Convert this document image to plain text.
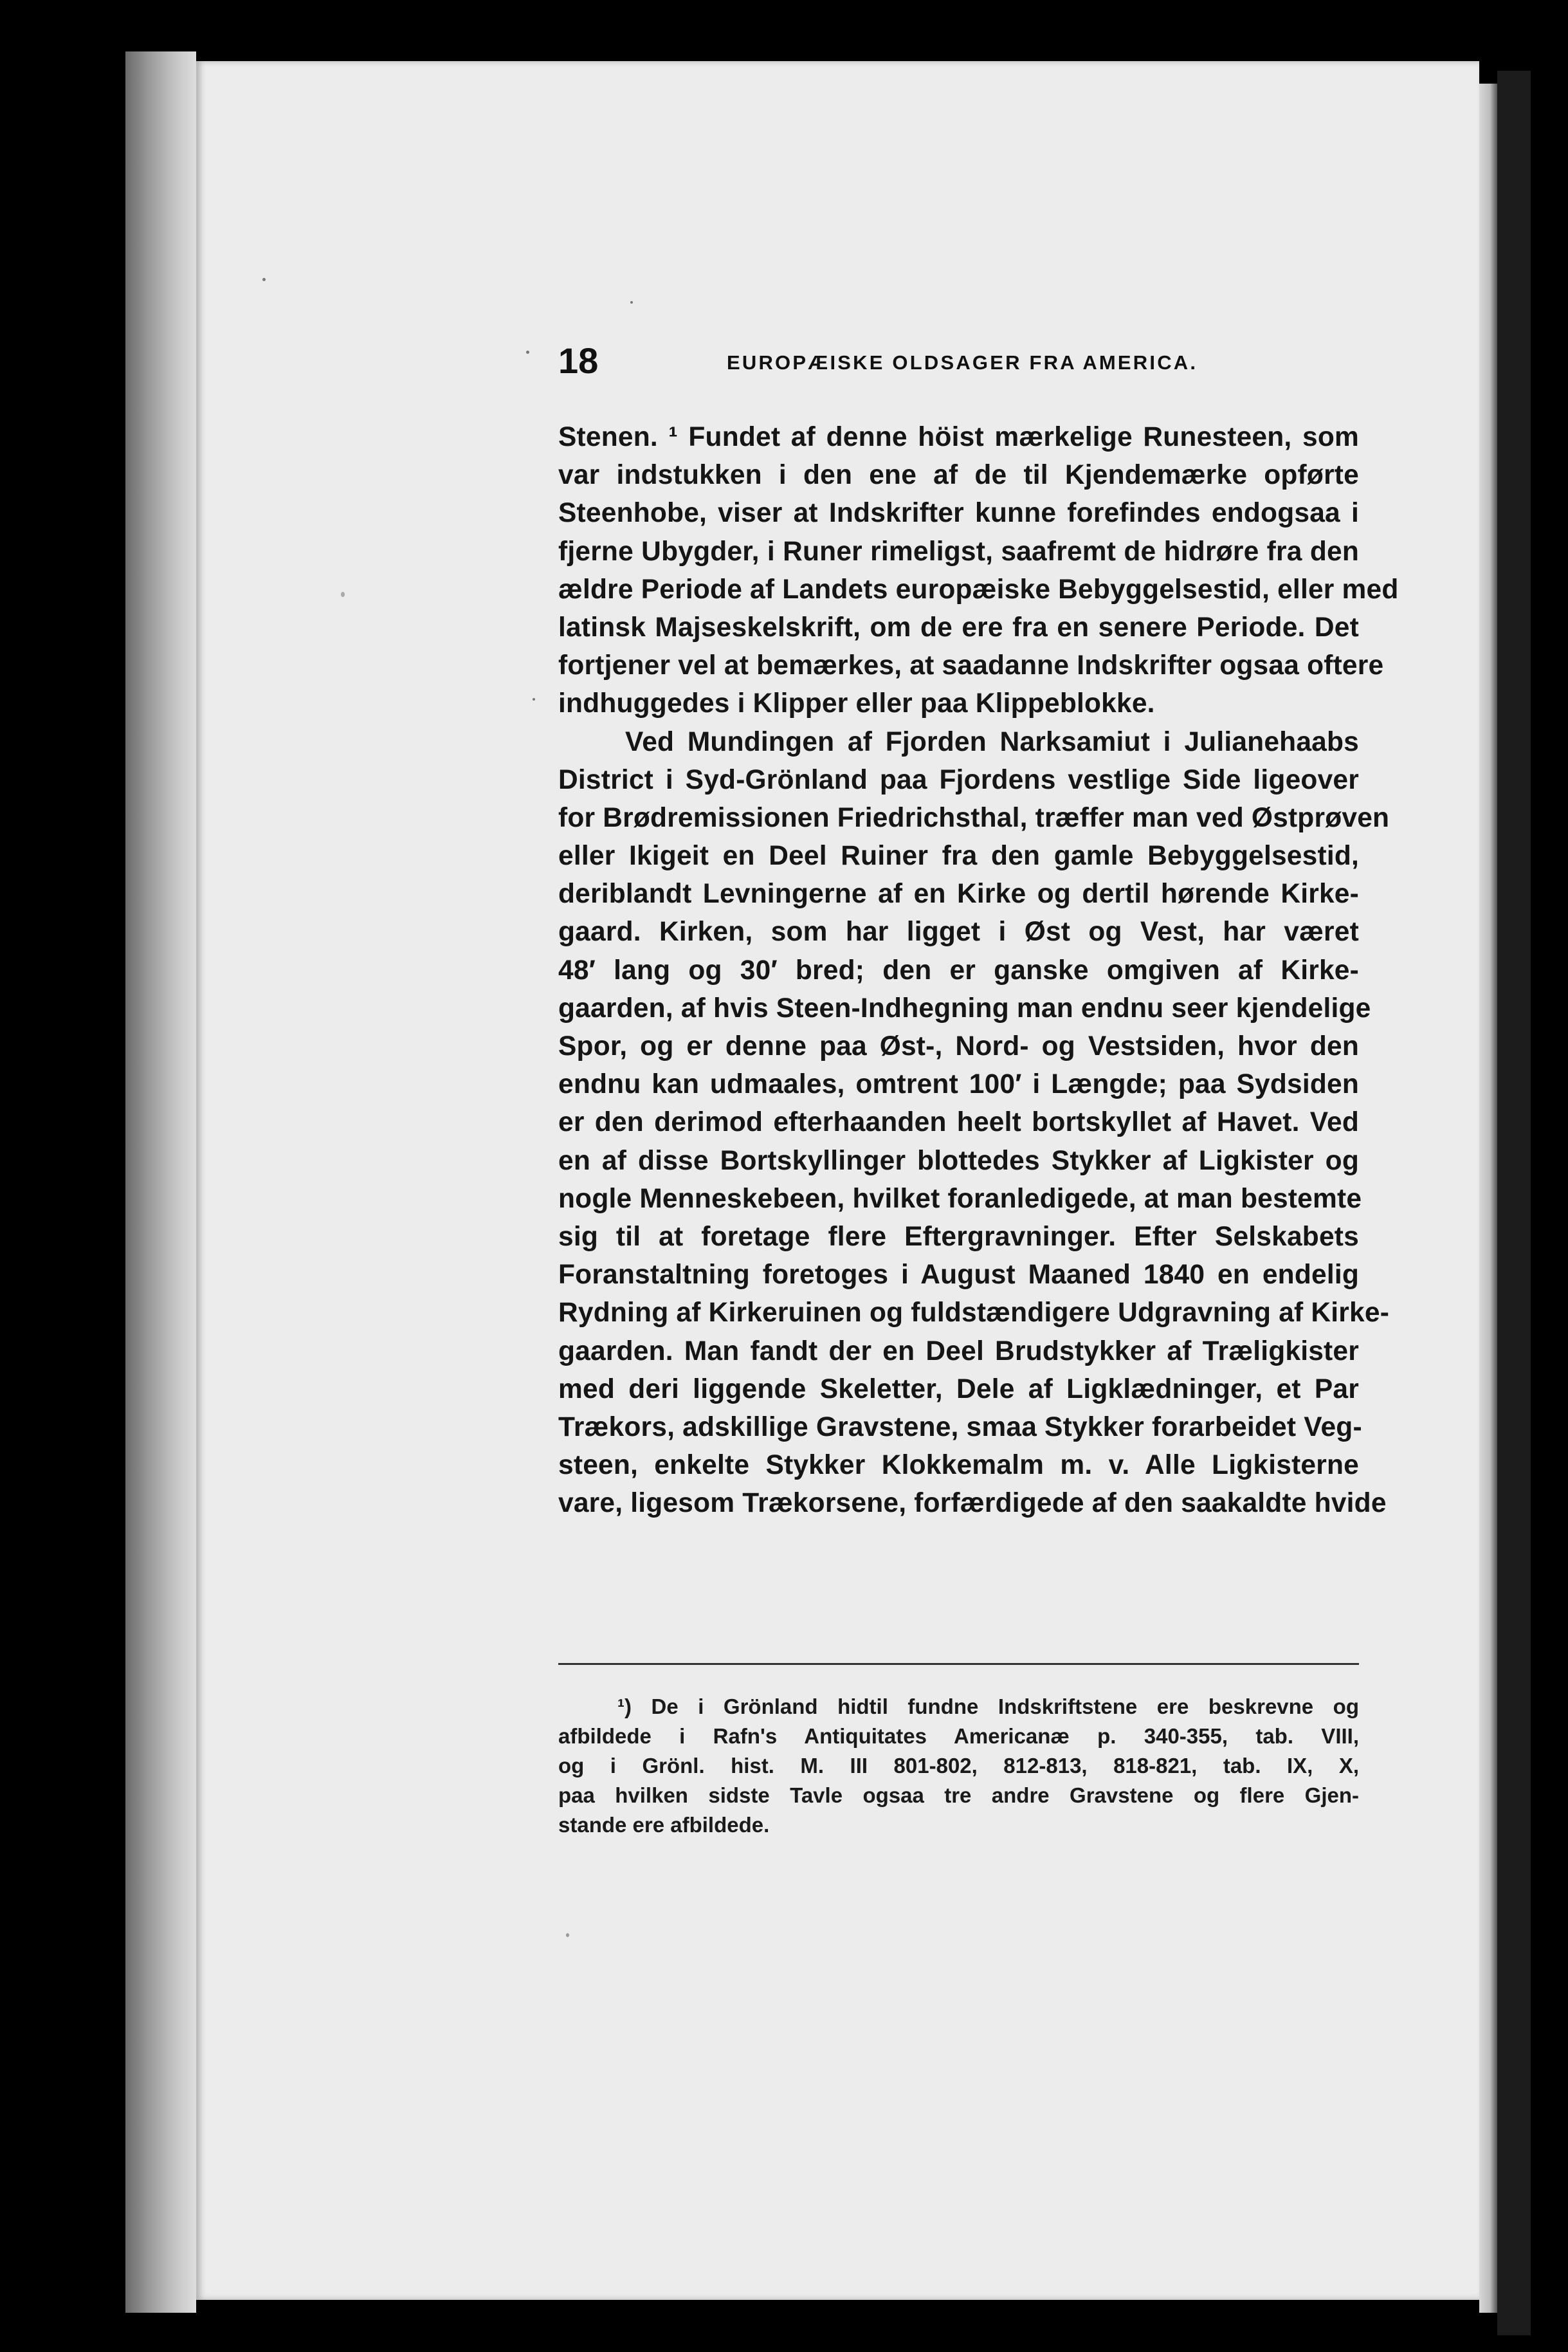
18	EUROPÆISKE OLDSAGER FRA AMERICA.
Stenen. ¹ Fundet af denne höist mærkelige Runesteen, som
var indstukken i den ene af de til Kjendemærke opførte
Steenhobe, viser at Indskrifter kunne forefindes endogsaa i
fjerne Ubygder, i Runer rimeligst, saafremt de hidrøre fra den
ældre Periode af Landets europæiske Bebyggelsestid, eller med
latinsk Majseskelskrift, om de ere fra en senere Periode. Det
fortjener vel at bemærkes, at saadanne Indskrifter ogsaa oftere
indhuggedes i Klipper eller paa Klippeblokke.
Ved Mundingen af Fjorden Narksamiut i Julianehaabs
District i Syd-Grönland paa Fjordens vestlige Side ligeover
for Brødremissionen Friedrichsthal, træffer man ved Østprøven
eller Ikigeit en Deel Ruiner fra den gamle Bebyggelsestid,
deriblandt Levningerne af en Kirke og dertil hørende Kirke-
gaard. Kirken, som har ligget i Øst og Vest, har været
48′ lang og 30′ bred; den er ganske omgiven af Kirke-
gaarden, af hvis Steen-Indhegning man endnu seer kjendelige
Spor, og er denne paa Øst-, Nord- og Vestsiden, hvor den
endnu kan udmaales, omtrent 100′ i Længde; paa Sydsiden
er den derimod efterhaanden heelt bortskyllet af Havet. Ved
en af disse Bortskyllinger blottedes Stykker af Ligkister og
nogle Menneskebeen, hvilket foranledigede, at man bestemte
sig til at foretage flere Eftergravninger. Efter Selskabets
Foranstaltning foretoges i August Maaned 1840 en endelig
Rydning af Kirkeruinen og fuldstændigere Udgravning af Kirke-
gaarden. Man fandt der en Deel Brudstykker af Træligkister
med deri liggende Skeletter, Dele af Ligklædninger, et Par
Trækors, adskillige Gravstene, smaa Stykker forarbeidet Veg-
steen, enkelte Stykker Klokkemalm m. v. Alle Ligkisterne
vare, ligesom Trækorsene, forfærdigede af den saakaldte hvide
¹) De i Grönland hidtil fundne Indskriftstene ere beskrevne og
afbildede i Rafn's Antiquitates Americanæ p. 340-355, tab. VIII,
og i Grönl. hist. M. III 801-802, 812-813, 818-821, tab. IX, X,
paa hvilken sidste Tavle ogsaa tre andre Gravstene og flere Gjen-
stande ere afbildede.
